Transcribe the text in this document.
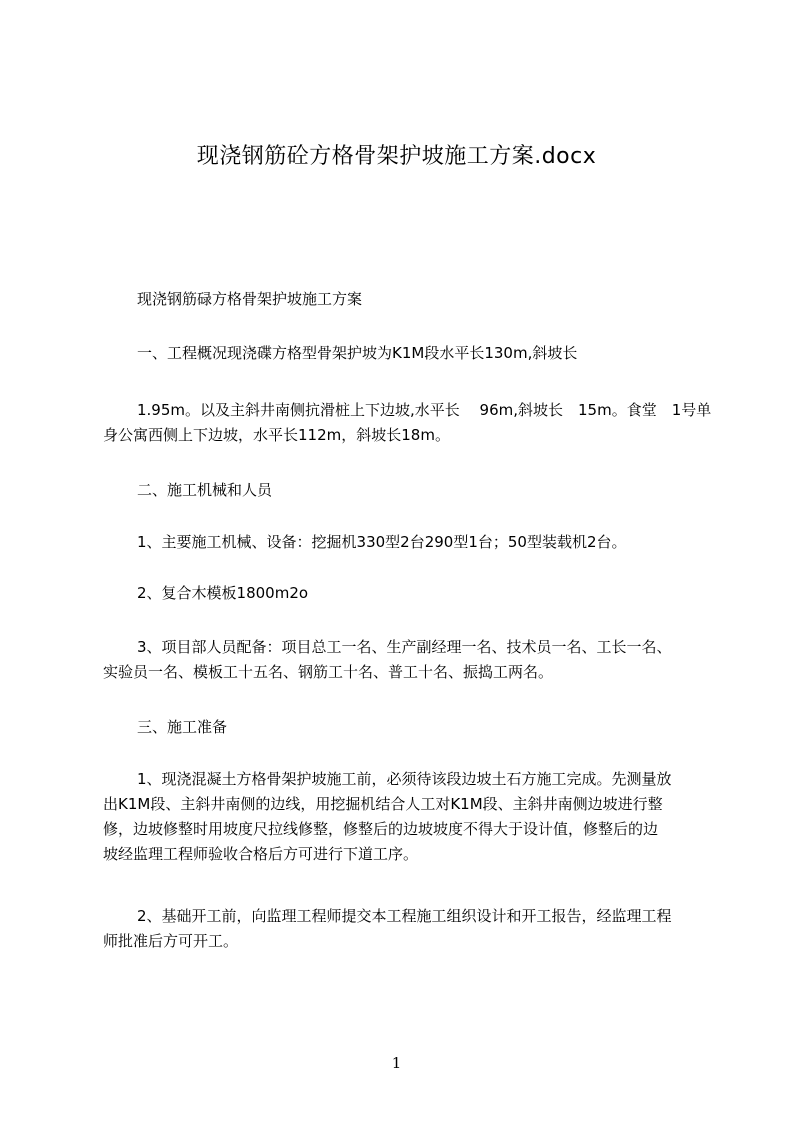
现浇钢筋砼方格骨架护坡施工方案.docx
现浇钢筋碌方格骨架护坡施工方案
一、工程概况现浇碟方格型骨架护坡为K1M段水平长130m,斜坡长
1.95m。以及主斜井南侧抗滑桩上下边坡,水平长　 96m,斜坡长　15m。食堂　1号单
身公寓西侧上下边坡，水平长112m，斜坡长18m。
二、施工机械和人员
1、主要施工机械、设备：挖掘机330型2台290型1台；50型装载机2台。
2、复合木模板1800m2o
3、项目部人员配备：项目总工一名、生产副经理一名、技术员一名、工长一名、
实验员一名、模板工十五名、钢筋工十名、普工十名、振捣工两名。
三、施工准备
1、现浇混凝土方格骨架护坡施工前，必须待该段边坡土石方施工完成。先测量放
出K1M段、主斜井南侧的边线，用挖掘机结合人工对K1M段、主斜井南侧边坡进行整
修，边坡修整时用坡度尺拉线修整，修整后的边坡坡度不得大于设计值，修整后的边
坡经监理工程师验收合格后方可进行下道工序。
2、基础开工前，向监理工程师提交本工程施工组织设计和开工报告，经监理工程
师批准后方可开工。
1
